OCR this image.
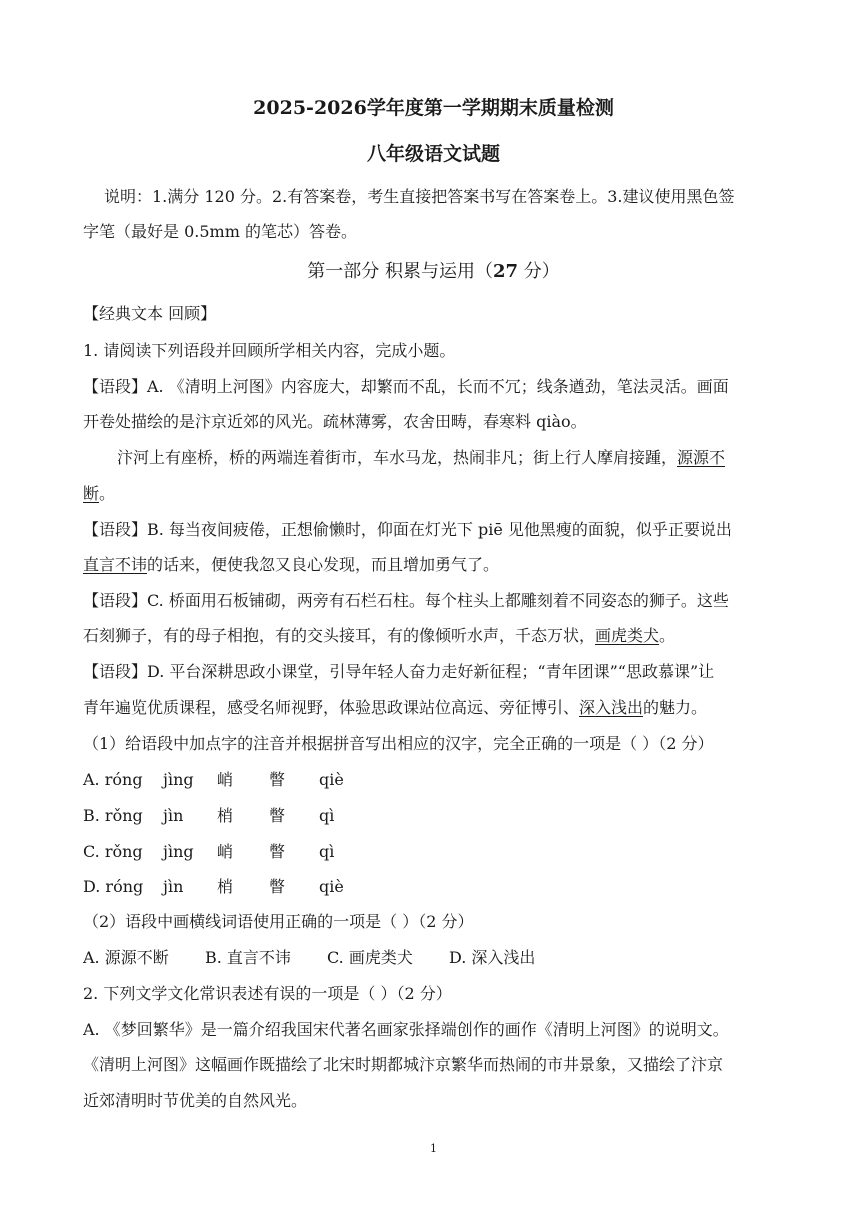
2025-2026学年度第一学期期末质量检测
八年级语文试题
说明：1.满分 120 分。2.有答案卷，考生直接把答案书写在答案卷上。3.建议使用黑色签
字笔（最好是 0.5mm 的笔芯）答卷。
第一部分 积累与运用（27 分）
【经典文本 回顾】
1. 请阅读下列语段并回顾所学相关内容，完成小题。
【语段】A. 《清明上河图》内容庞大，却繁而不乱，长而不冗；线条遒劲，笔法灵活。画面
开卷处描绘的是汴京近郊的风光。疏林薄雾，农舍田畴，春寒料 qiào。
汴河上有座桥，桥的两端连着街市，车水马龙，热闹非凡；街上行人摩肩接踵，源源不
断。
【语段】B. 每当夜间疲倦，正想偷懒时，仰面在灯光下 piē 见他黑瘦的面貌，似乎正要说出
直言不讳的话来，便使我忽又良心发现，而且增加勇气了。
【语段】C. 桥面用石板铺砌，两旁有石栏石柱。每个柱头上都雕刻着不同姿态的狮子。这些
石刻狮子，有的母子相抱，有的交头接耳，有的像倾听水声，千态万状，画虎类犬。
【语段】D. 平台深耕思政小课堂，引导年轻人奋力走好新征程；“青年团课”“思政慕课”让
青年遍览优质课程，感受名师视野，体验思政课站位高远、旁征博引、深入浅出的魅力。
（1）给语段中加点字的注音并根据拼音写出相应的汉字，完全正确的一项是（ ）（2 分）
A. róng jìng 峭 瞥 qiè
B. rǒng jìn 梢 瞥 qì
C. rǒng jìng 峭 瞥 qì
D. róng jìn 梢 瞥 qiè
（2）语段中画横线词语使用正确的一项是（ ）（2 分）
A. 源源不断 B. 直言不讳 C. 画虎类犬 D. 深入浅出
2. 下列文学文化常识表述有误的一项是（ ）（2 分）
A. 《梦回繁华》是一篇介绍我国宋代著名画家张择端创作的画作《清明上河图》的说明文。
《清明上河图》这幅画作既描绘了北宋时期都城汴京繁华而热闹的市井景象，又描绘了汴京
近郊清明时节优美的自然风光。
1
